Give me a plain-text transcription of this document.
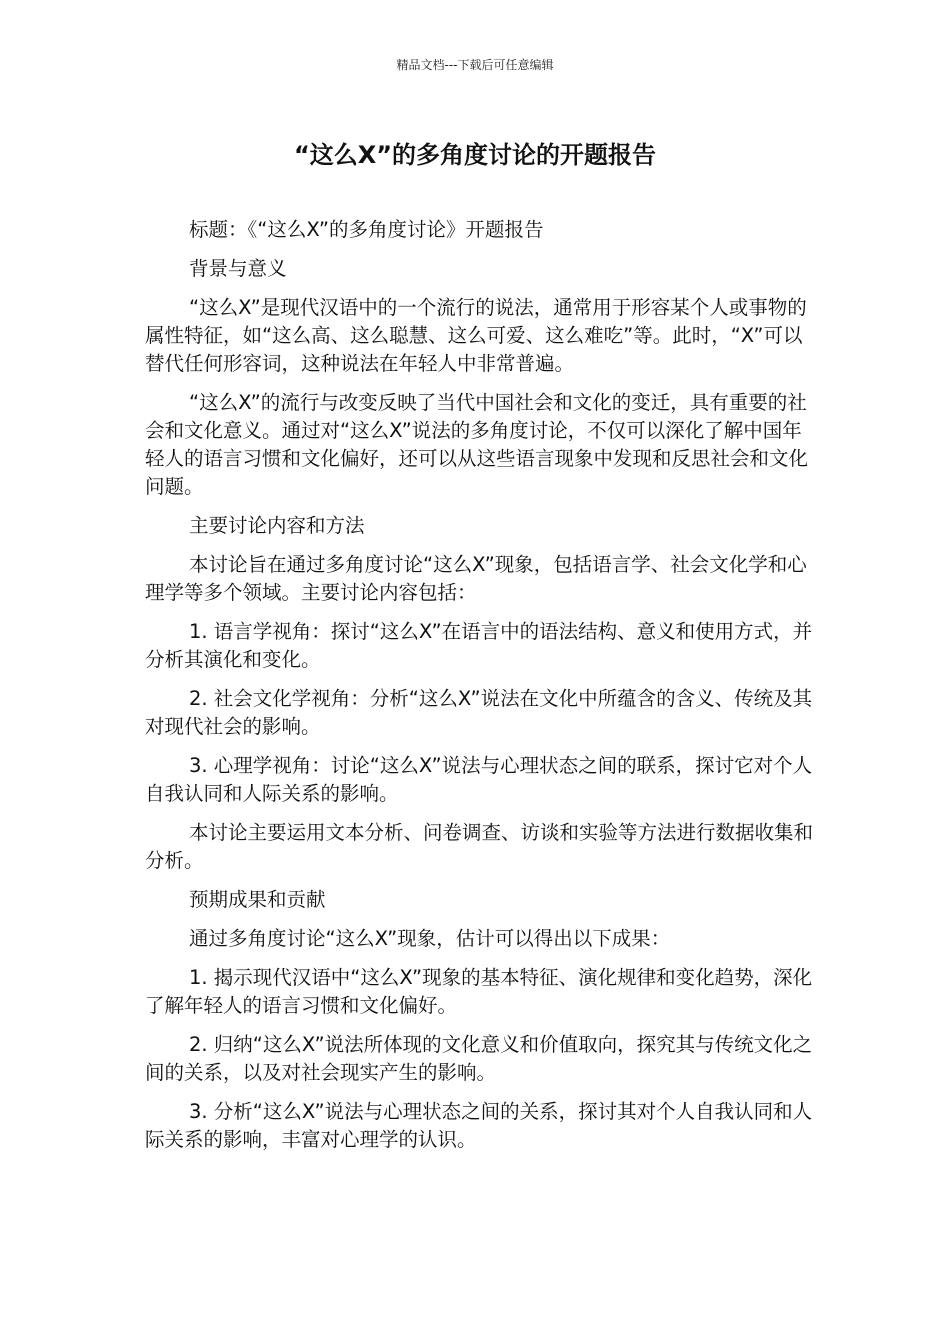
精品文档---下载后可任意编辑
“这么X”的多角度讨论的开题报告

标题：《“这么X”的多角度讨论》开题报告

背景与意义

“这么X”是现代汉语中的一个流行的说法，通常用于形容某个人或事物的属性特征，如“这么高、这么聪慧、这么可爱、这么难吃”等。此时，“X”可以替代任何形容词，这种说法在年轻人中非常普遍。

“这么X”的流行与改变反映了当代中国社会和文化的变迁，具有重要的社会和文化意义。通过对“这么X”说法的多角度讨论，不仅可以深化了解中国年轻人的语言习惯和文化偏好，还可以从这些语言现象中发现和反思社会和文化问题。

主要讨论内容和方法

本讨论旨在通过多角度讨论“这么X”现象，包括语言学、社会文化学和心理学等多个领域。主要讨论内容包括：

1. 语言学视角：探讨“这么X”在语言中的语法结构、意义和使用方式，并分析其演化和变化。

2. 社会文化学视角：分析“这么X”说法在文化中所蕴含的含义、传统及其对现代社会的影响。

3. 心理学视角：讨论“这么X”说法与心理状态之间的联系，探讨它对个人自我认同和人际关系的影响。

本讨论主要运用文本分析、问卷调查、访谈和实验等方法进行数据收集和分析。

预期成果和贡献

通过多角度讨论“这么X”现象，估计可以得出以下成果：

1. 揭示现代汉语中“这么X”现象的基本特征、演化规律和变化趋势，深化了解年轻人的语言习惯和文化偏好。

2. 归纳“这么X”说法所体现的文化意义和价值取向，探究其与传统文化之间的关系，以及对社会现实产生的影响。

3. 分析“这么X”说法与心理状态之间的关系，探讨其对个人自我认同和人际关系的影响，丰富对心理学的认识。
